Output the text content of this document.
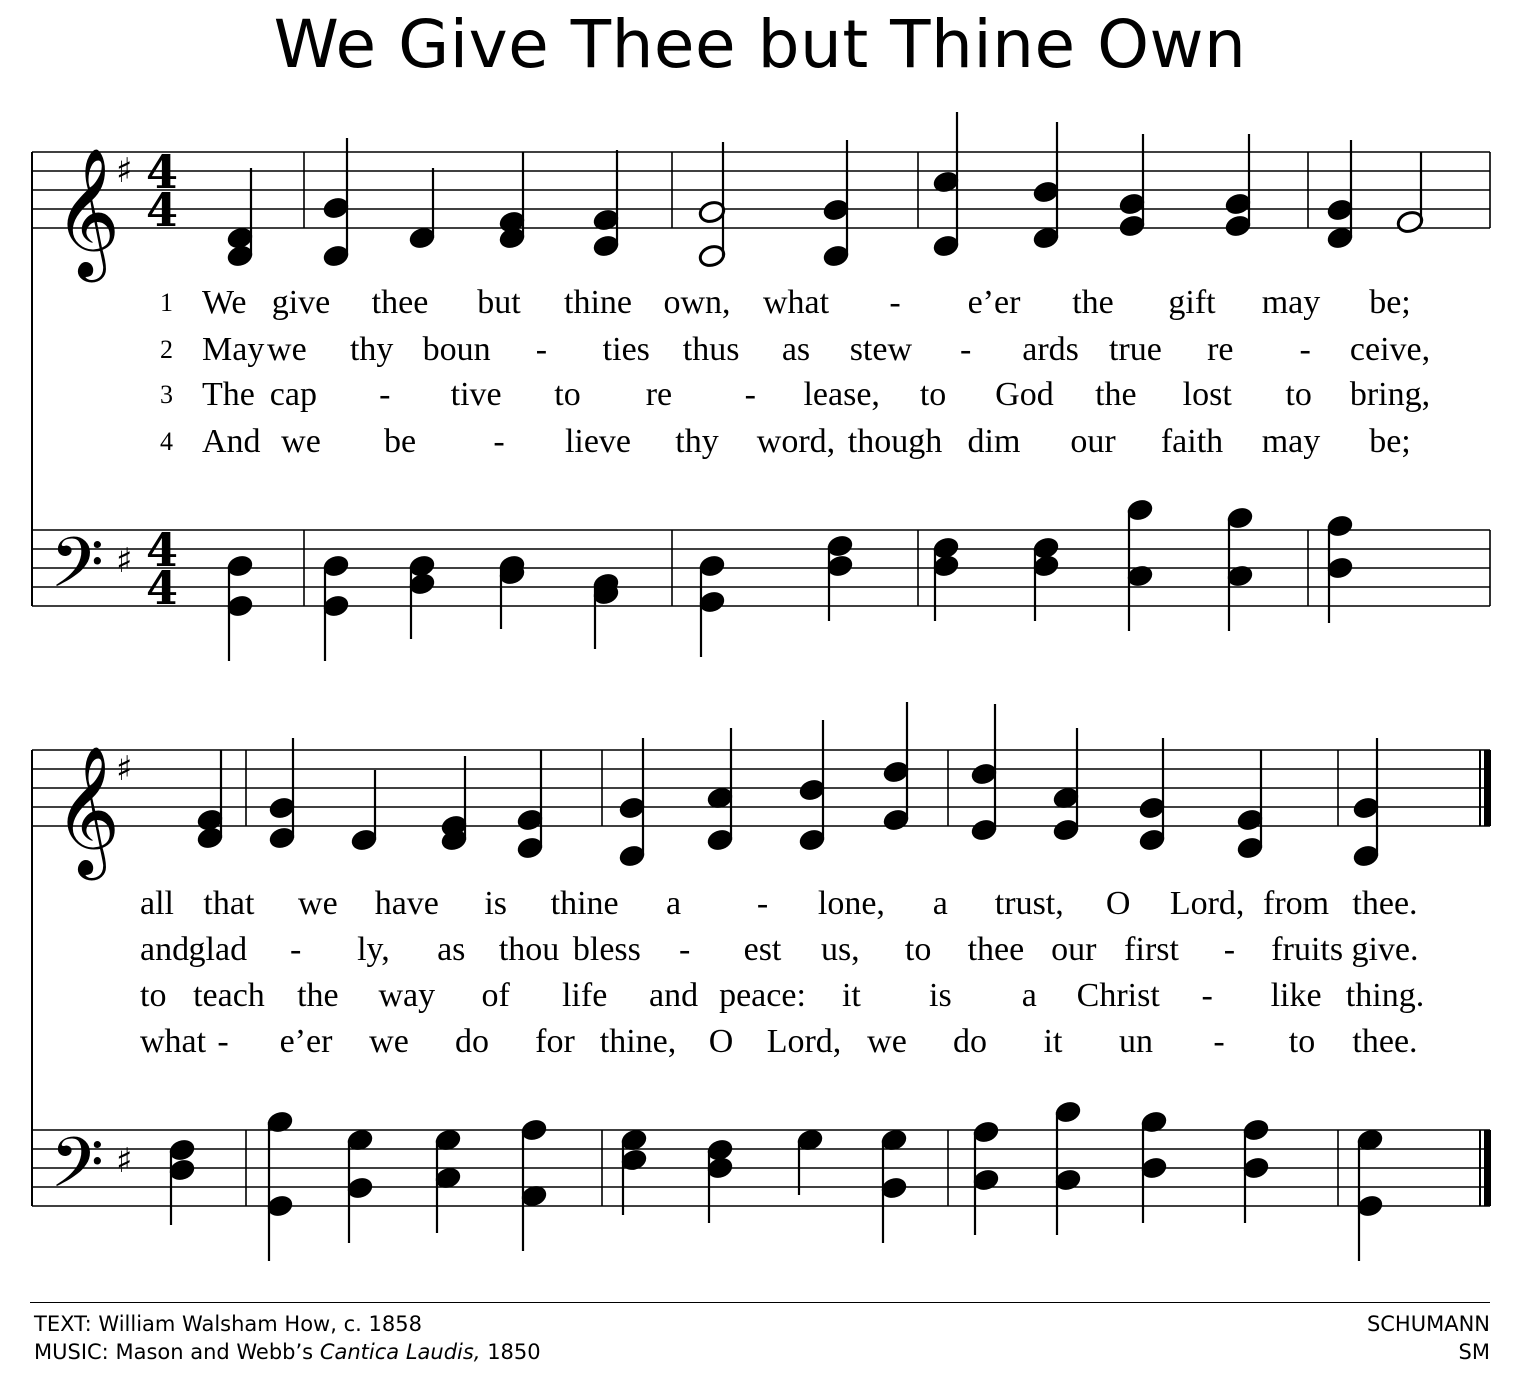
We Give Thee but Thine Own
𝄞
𝄞
𝄢
𝄢
♯
♯
♯
♯
4
4
4
4
1 We give thee but thine own, what - e’er the gift may be;
2 May we thy boun - ties thus as stew - ards true re - ceive,
3 The cap - tive to re - lease, to God the lost to bring,
4 And we be - lieve thy word, though dim our faith may be;
all that we have is thine a - lone, a trust, O Lord, from thee.
and glad - ly, as thou bless - est us, to thee our first - fruits give.
to teach the way of life and peace: it is a Christ - like thing.
what - e’er we do for thine, O Lord, we do it un - to thee.
TEXT: William Walsham How, c. 1858
MUSIC: Mason and Webb’s Cantica Laudis, 1850
SCHUMANN
SM
